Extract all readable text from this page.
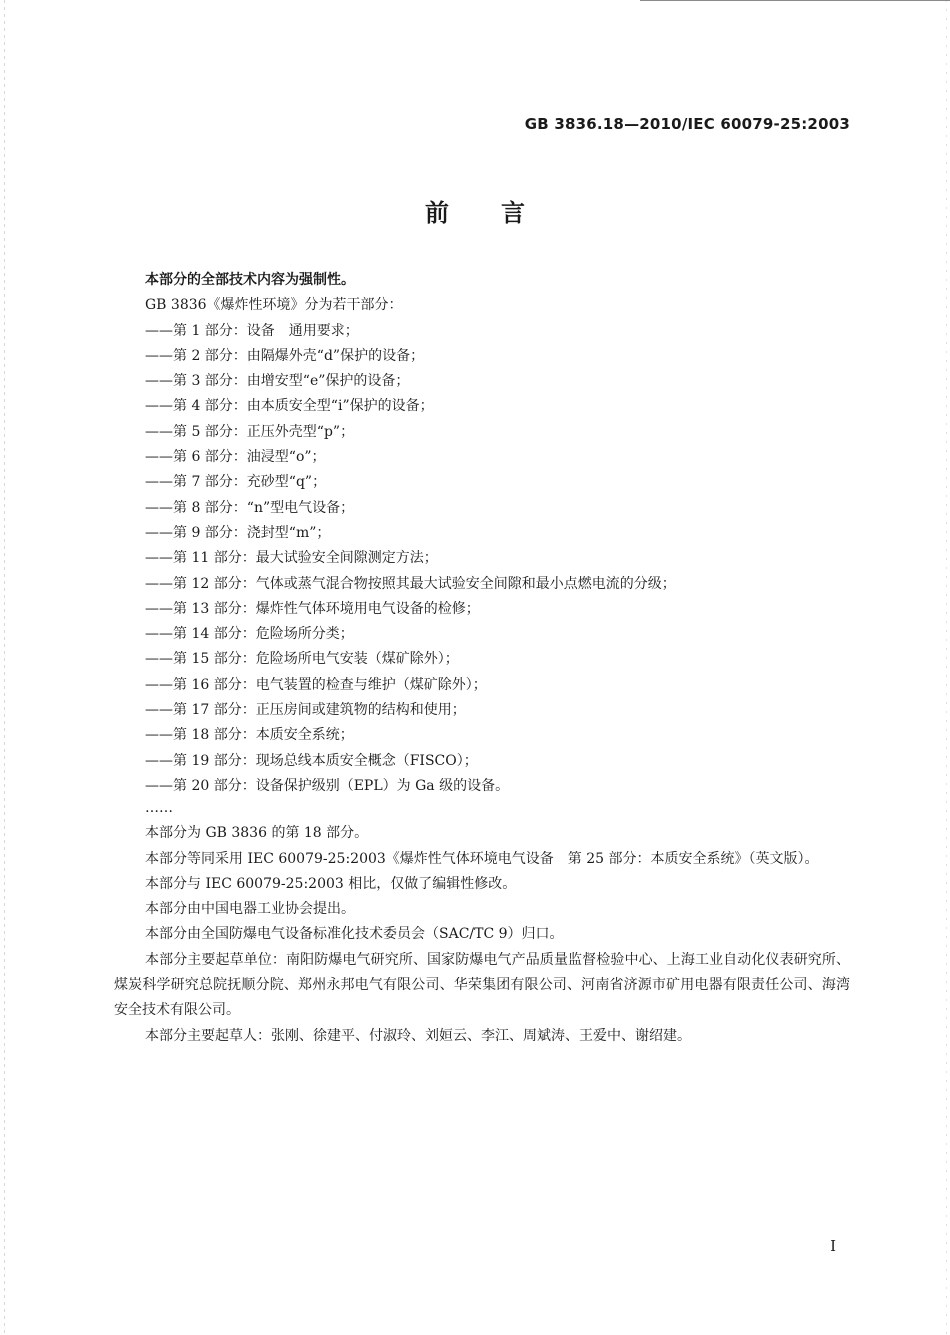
GB 3836.18—2010/IEC 60079-25:2003
前言

本部分的全部技术内容为强制性。

GB 3836《爆炸性环境》分为若干部分：

——第 1 部分：设备　通用要求；
——第 2 部分：由隔爆外壳“d”保护的设备；
——第 3 部分：由增安型“e”保护的设备；
——第 4 部分：由本质安全型“i”保护的设备；
——第 5 部分：正压外壳型“p”；
——第 6 部分：油浸型“o”；
——第 7 部分：充砂型“q”；
——第 8 部分：“n”型电气设备；
——第 9 部分：浇封型“m”；
——第 11 部分：最大试验安全间隙测定方法；
——第 12 部分：气体或蒸气混合物按照其最大试验安全间隙和最小点燃电流的分级；
——第 13 部分：爆炸性气体环境用电气设备的检修；
——第 14 部分：危险场所分类；
——第 15 部分：危险场所电气安装（煤矿除外）；
——第 16 部分：电气装置的检查与维护（煤矿除外）；
——第 17 部分：正压房间或建筑物的结构和使用；
——第 18 部分：本质安全系统；
——第 19 部分：现场总线本质安全概念（FISCO）；
——第 20 部分：设备保护级别（EPL）为 Ga 级的设备。
……

本部分为 GB 3836 的第 18 部分。

本部分等同采用 IEC 60079-25:2003《爆炸性气体环境电气设备　第 25 部分：本质安全系统》（英文版）。

本部分与 IEC 60079-25:2003 相比，仅做了编辑性修改。

本部分由中国电器工业协会提出。

本部分由全国防爆电气设备标准化技术委员会（SAC/TC 9）归口。

本部分主要起草单位：南阳防爆电气研究所、国家防爆电气产品质量监督检验中心、上海工业自动化仪表研究所、煤炭科学研究总院抚顺分院、郑州永邦电气有限公司、华荣集团有限公司、河南省济源市矿用电器有限责任公司、海湾安全技术有限公司。

本部分主要起草人：张刚、徐建平、付淑玲、刘姮云、李江、周斌涛、王爱中、谢绍建。

I
